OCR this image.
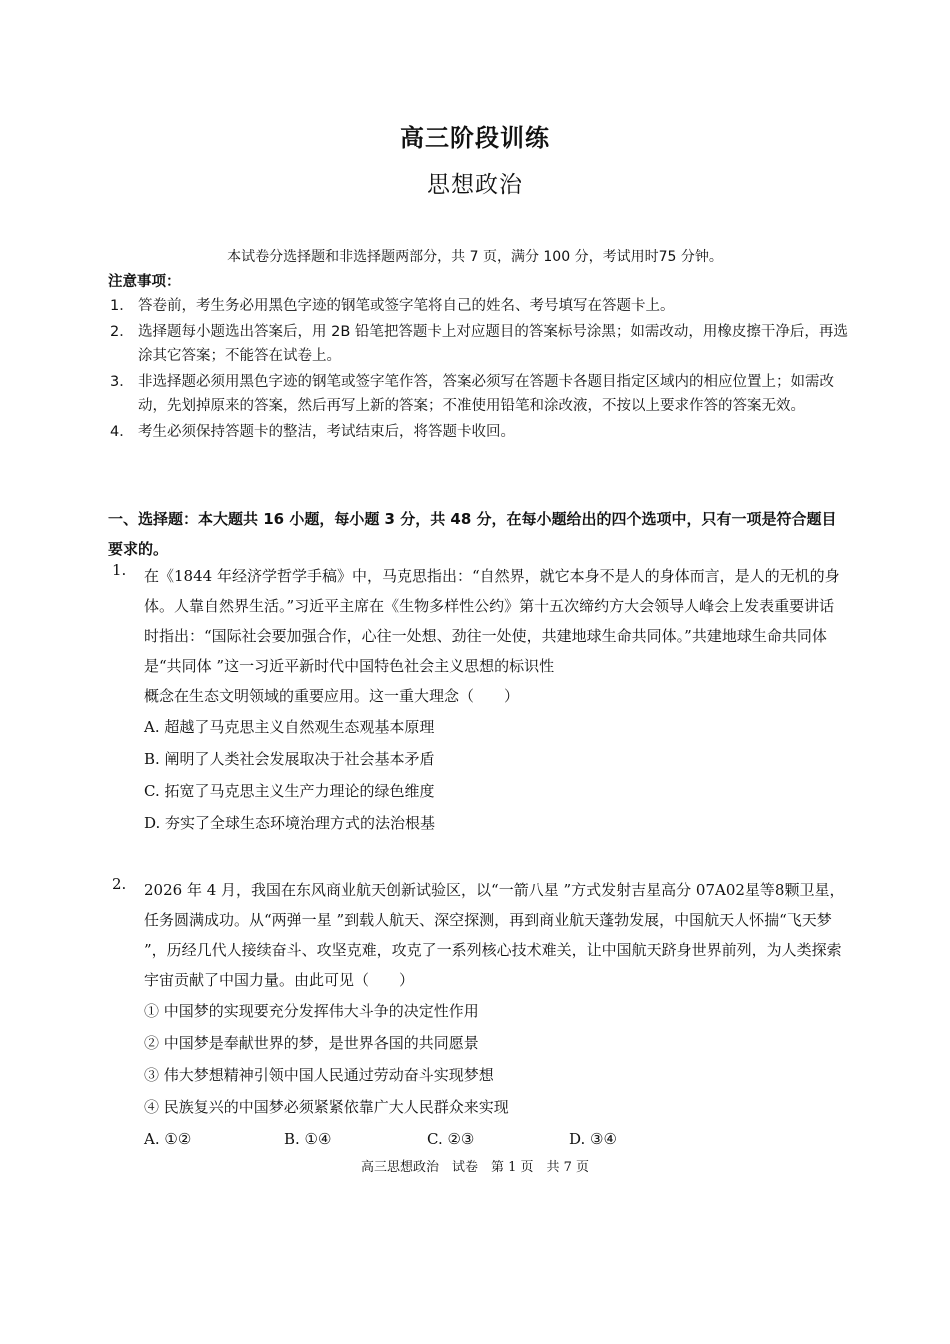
高三阶段训练
思想政治
本试卷分选择题和非选择题两部分，共 7 页，满分 100 分，考试用时75 分钟。
注意事项：
1． 答卷前，考生务必用黑色字迹的钢笔或签字笔将自己的姓名、考号填写在答题卡上。
2． 选择题每小题选出答案后，用 2B 铅笔把答题卡上对应题目的答案标号涂黑；如需改动，用橡皮擦干净后，再选涂其它答案；不能答在试卷上。
3． 非选择题必须用黑色字迹的钢笔或签字笔作答，答案必须写在答题卡各题目指定区域内的相应位置上；如需改动，先划掉原来的答案，然后再写上新的答案；不准使用铅笔和涂改液，不按以上要求作答的答案无效。
4． 考生必须保持答题卡的整洁，考试结束后，将答题卡收回。
一、选择题：本大题共 16 小题，每小题 3 分，共 48 分，在每小题给出的四个选项中，只有一项是符合题目要求的。
1. 在《1844 年经济学哲学手稿》中，马克思指出：“自然界，就它本身不是人的身体而言，是人的无机的身体。人靠自然界生活。”习近平主席在《生物多样性公约》第十五次缔约方大会领导人峰会上发表重要讲话时指出：“国际社会要加强合作，心往一处想、劲往一处使，共建地球生命共同体。”共建地球生命共同体是“共同体 ”这一习近平新时代中国特色社会主义思想的标识性
概念在生态文明领域的重要应用。这一重大理念（　　）
A. 超越了马克思主义自然观生态观基本原理
B. 阐明了人类社会发展取决于社会基本矛盾
C. 拓宽了马克思主义生产力理论的绿色维度
D. 夯实了全球生态环境治理方式的法治根基
2. 2026 年 4 月，我国在东风商业航天创新试验区，以“一箭八星 ”方式发射吉星高分 07A02星等8颗卫星，任务圆满成功。从“两弹一星 ”到载人航天、深空探测，再到商业航天蓬勃发展，中国航天人怀揣“飞天梦 ”，历经几代人接续奋斗、攻坚克难，攻克了一系列核心技术难关，让中国航天跻身世界前列，为人类探索宇宙贡献了中国力量。由此可见（　　）
① 中国梦的实现要充分发挥伟大斗争的决定性作用
② 中国梦是奉献世界的梦，是世界各国的共同愿景
③ 伟大梦想精神引领中国人民通过劳动奋斗实现梦想
④ 民族复兴的中国梦必须紧紧依靠广大人民群众来实现
A. ①②	B. ①④	C. ②③	D. ③④
高三思想政治　试卷　第 1 页　共 7 页
